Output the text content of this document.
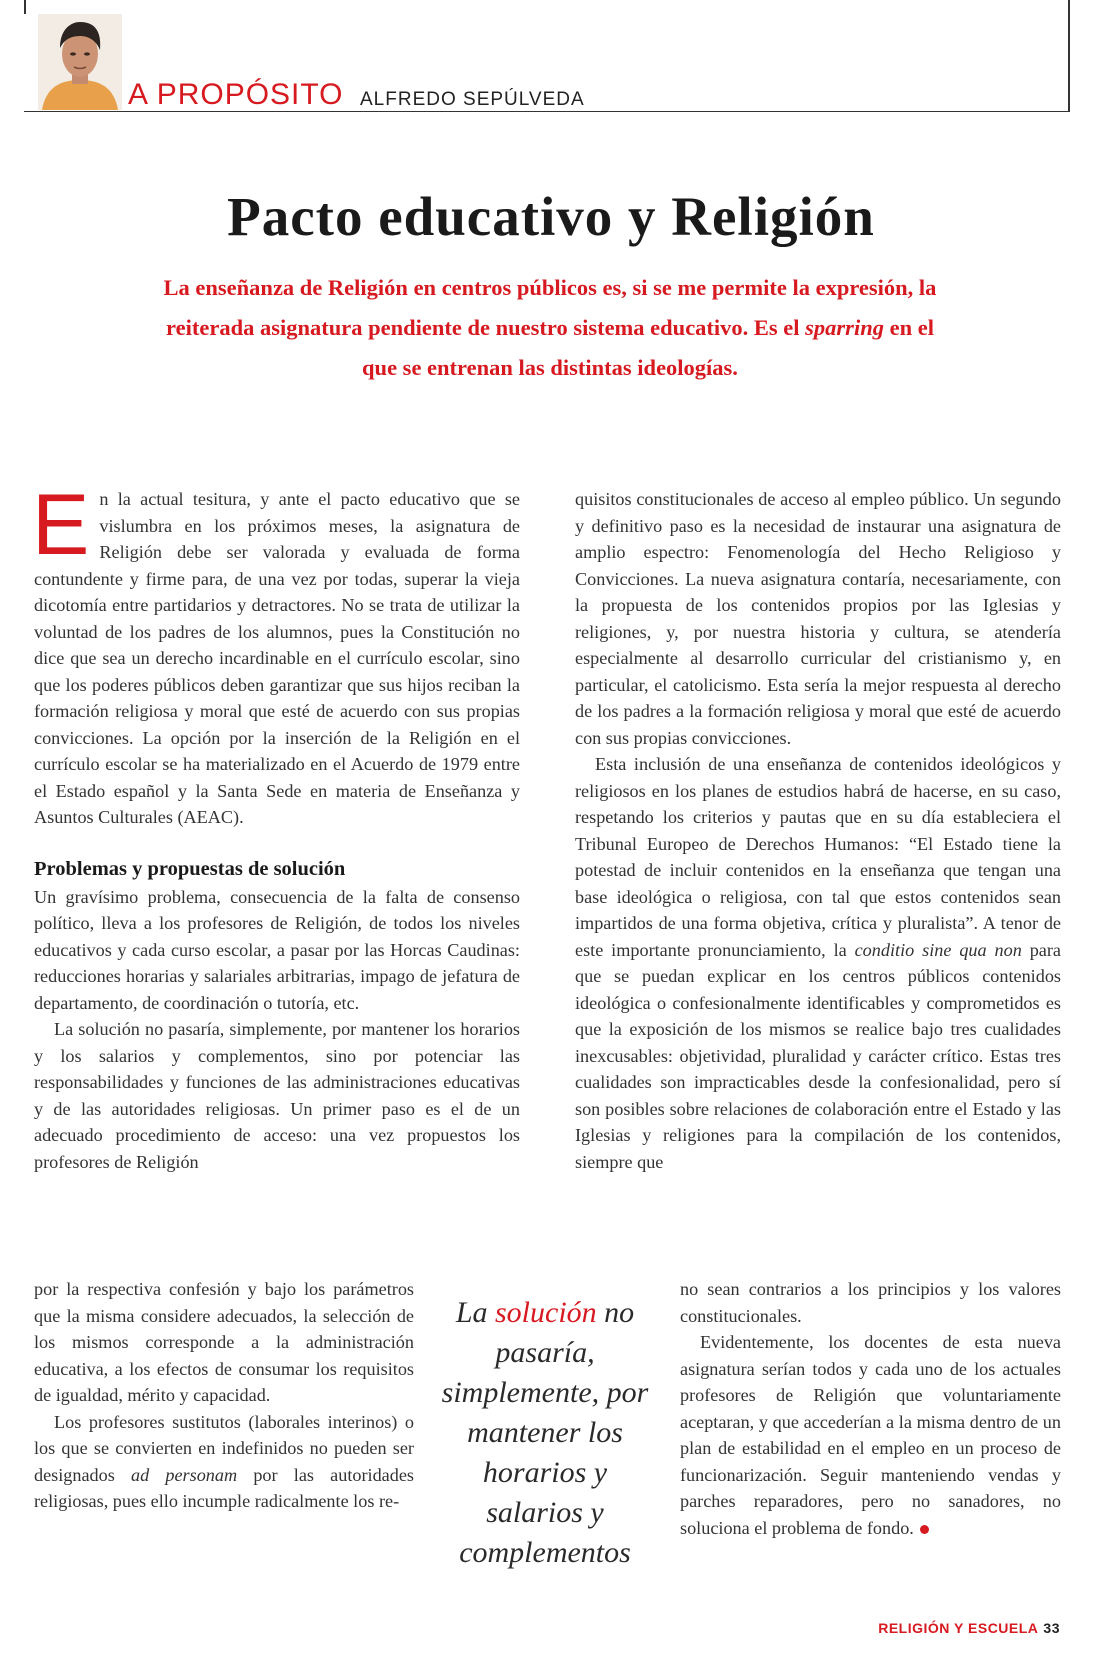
A PROPÓSITO ALFREDO SEPÚLVEDA
Pacto educativo y Religión

La enseñanza de Religión en centros públicos es, si se me permite la expresión, la reiterada asignatura pendiente de nuestro sistema educativo. Es el sparring en el que se entrenan las distintas ideologías.

En la actual tesitura, y ante el pacto educativo que se vislumbra en los próximos meses, la asignatura de Religión debe ser valorada y evaluada de forma contundente y firme para, de una vez por todas, superar la vieja dicotomía entre partidarios y detractores. No se trata de utilizar la voluntad de los padres de los alumnos, pues la Constitución no dice que sea un derecho incardinable en el currículo escolar, sino que los poderes públicos deben garantizar que sus hijos reciban la formación religiosa y moral que esté de acuerdo con sus propias convicciones. La opción por la inserción de la Religión en el currículo escolar se ha materializado en el Acuerdo de 1979 entre el Estado español y la Santa Sede en materia de Enseñanza y Asuntos Culturales (AEAC).

Problemas y propuestas de solución

Un gravísimo problema, consecuencia de la falta de consenso político, lleva a los profesores de Religión, de todos los niveles educativos y cada curso escolar, a pasar por las Horcas Caudinas: reducciones horarias y salariales arbitrarias, impago de jefatura de departamento, de coordinación o tutoría, etc.

La solución no pasaría, simplemente, por mantener los horarios y los salarios y complementos, sino por potenciar las responsabilidades y funciones de las administraciones educativas y de las autoridades religiosas. Un primer paso es el de un adecuado procedimiento de acceso: una vez propuestos los profesores de Religión

por la respectiva confesión y bajo los parámetros que la misma considere adecuados, la selección de los mismos corresponde a la administración educativa, a los efectos de consumar los requisitos de igualdad, mérito y capacidad.

Los profesores sustitutos (laborales interinos) o los que se convierten en indefinidos no pueden ser designados ad personam por las autoridades religiosas, pues ello incumple radicalmente los re-

quisitos constitucionales de acceso al empleo público. Un segundo y definitivo paso es la necesidad de instaurar una asignatura de amplio espectro: Fenomenología del Hecho Religioso y Convicciones. La nueva asignatura contaría, necesariamente, con la propuesta de los contenidos propios por las Iglesias y religiones, y, por nuestra historia y cultura, se atendería especialmente al desarrollo curricular del cristianismo y, en particular, el catolicismo. Esta sería la mejor respuesta al derecho de los padres a la formación religiosa y moral que esté de acuerdo con sus propias convicciones.

Esta inclusión de una enseñanza de contenidos ideológicos y religiosos en los planes de estudios habrá de hacerse, en su caso, respetando los criterios y pautas que en su día estableciera el Tribunal Europeo de Derechos Humanos: “El Estado tiene la potestad de incluir contenidos en la enseñanza que tengan una base ideológica o religiosa, con tal que estos contenidos sean impartidos de una forma objetiva, crítica y pluralista”. A tenor de este importante pronunciamiento, la conditio sine qua non para que se puedan explicar en los centros públicos contenidos ideológica o confesionalmente identificables y comprometidos es que la exposición de los mismos se realice bajo tres cualidades inexcusables: objetividad, pluralidad y carácter crítico. Estas tres cualidades son impracticables desde la confesionalidad, pero sí son posibles sobre relaciones de colaboración entre el Estado y las Iglesias y religiones para la compilación de los contenidos, siempre que

no sean contrarios a los principios y los valores constitucionales.

Evidentemente, los docentes de esta nueva asignatura serían todos y cada uno de los actuales profesores de Religión que voluntariamente aceptaran, y que accederían a la misma dentro de un plan de estabilidad en el empleo en un proceso de funcionarización. Seguir manteniendo vendas y parches reparadores, pero no sanadores, no soluciona el problema de fondo.

La solución no pasaría, simplemente, por mantener los horarios y salarios y complementos
RELIGIÓN Y ESCUELA 33
